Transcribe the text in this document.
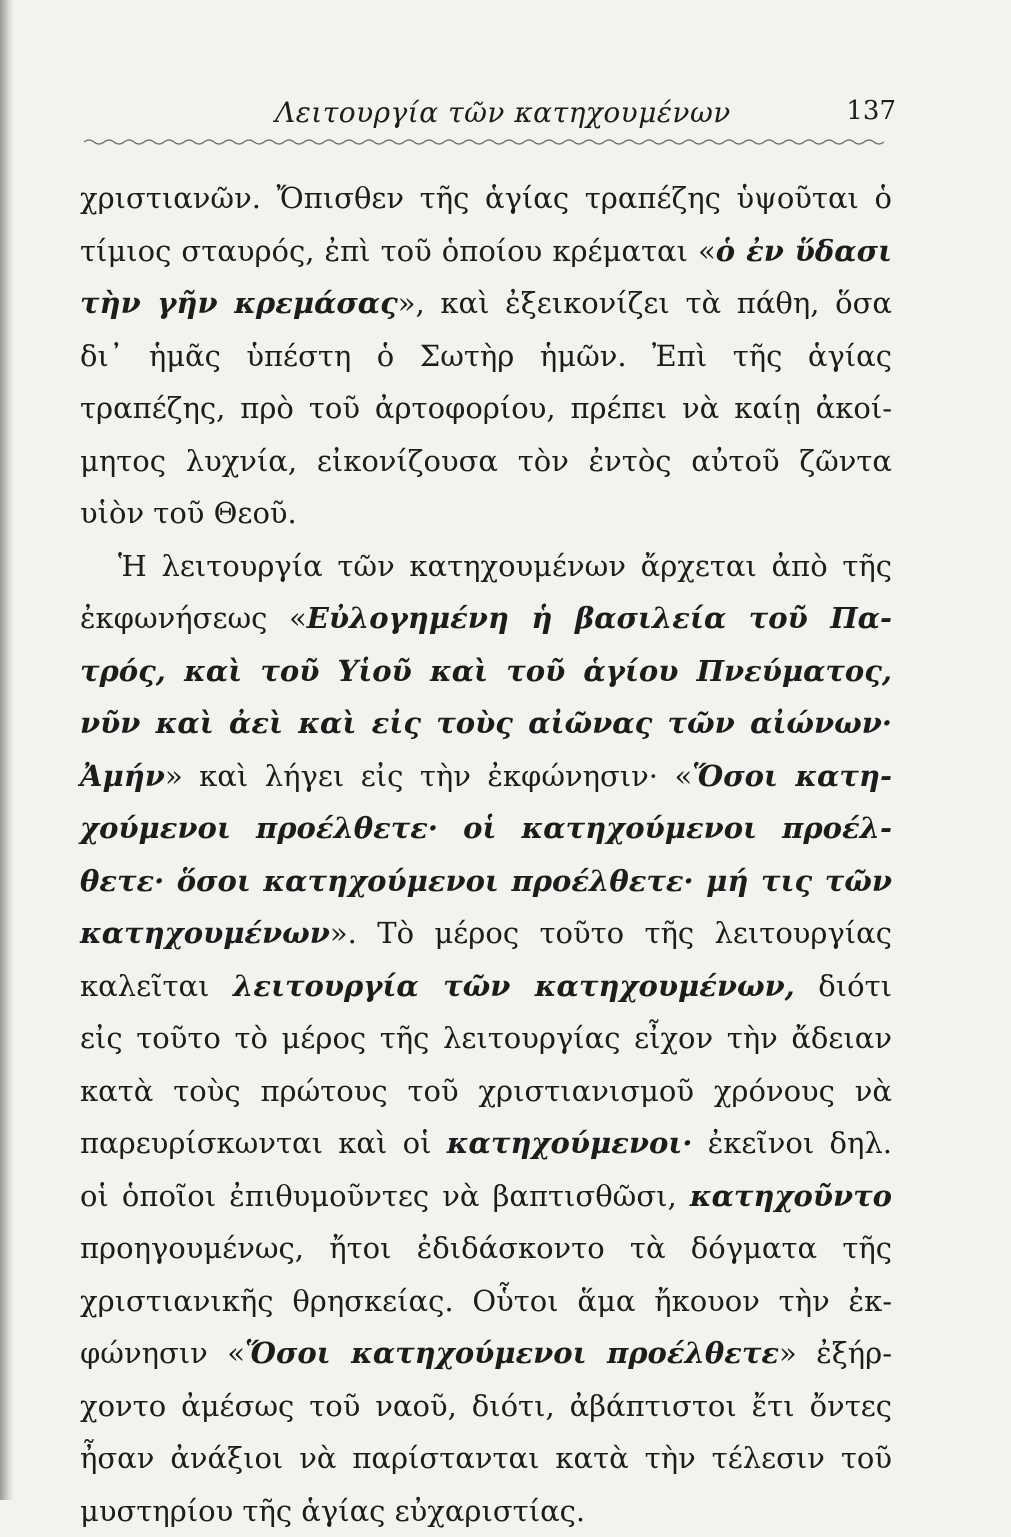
Λειτουργία τῶν κατηχουμένων	137
χριστιανῶν. Ὄπισθεν τῆς ἁγίας τραπέζης ὑψοῦται ὁ
τίμιος σταυρός, ἐπὶ τοῦ ὁποίου κρέμαται «ὁ ἐν ὕδασι
τὴν γῆν κρεμάσας», καὶ ἐξεικονίζει τὰ πάθη, ὅσα
δι᾿ ἡμᾶς ὑπέστη ὁ Σωτὴρ ἡμῶν. Ἐπὶ τῆς ἁγίας
τραπέζης, πρὸ τοῦ ἀρτοφορίου, πρέπει νὰ καίῃ ἀκοί-
μητος λυχνία, εἰκονίζουσα τὸν ἐντὸς αὐτοῦ ζῶντα
υἱὸν τοῦ Θεοῦ.
Ἡ λειτουργία τῶν κατηχουμένων ἄρχεται ἀπὸ τῆς
ἐκφωνήσεως «Εὐλογημένη ἡ βασιλεία τοῦ Πα-
τρός, καὶ τοῦ Υἱοῦ καὶ τοῦ ἁγίου Πνεύματος,
νῦν καὶ ἀεὶ καὶ εἰς τοὺς αἰῶνας τῶν αἰώνων·
Ἀμήν» καὶ λήγει εἰς τὴν ἐκφώνησιν· «Ὅσοι κατη-
χούμενοι προέλθετε· οἱ κατηχούμενοι προέλ-
θετε· ὅσοι κατηχούμενοι προέλθετε· μή τις τῶν
κατηχουμένων». Τὸ μέρος τοῦτο τῆς λειτουργίας
καλεῖται λειτουργία τῶν κατηχουμένων, διότι
εἰς τοῦτο τὸ μέρος τῆς λειτουργίας εἶχον τὴν ἄδειαν
κατὰ τοὺς πρώτους τοῦ χριστιανισμοῦ χρόνους νὰ
παρευρίσκωνται καὶ οἱ κατηχούμενοι· ἐκεῖνοι δηλ.
οἱ ὁποῖοι ἐπιθυμοῦντες νὰ βαπτισθῶσι, κατηχοῦντο
προηγουμένως, ἤτοι ἐδιδάσκοντο τὰ δόγματα τῆς
χριστιανικῆς θρησκείας. Οὗτοι ἅμα ἤκουον τὴν ἐκ-
φώνησιν «Ὅσοι κατηχούμενοι προέλθετε» ἐξήρ-
χοντο ἀμέσως τοῦ ναοῦ, διότι, ἀβάπτιστοι ἔτι ὄντες
ἦσαν ἀνάξιοι νὰ παρίστανται κατὰ τὴν τέλεσιν τοῦ
μυστηρίου τῆς ἁγίας εὐχαριστίας.
